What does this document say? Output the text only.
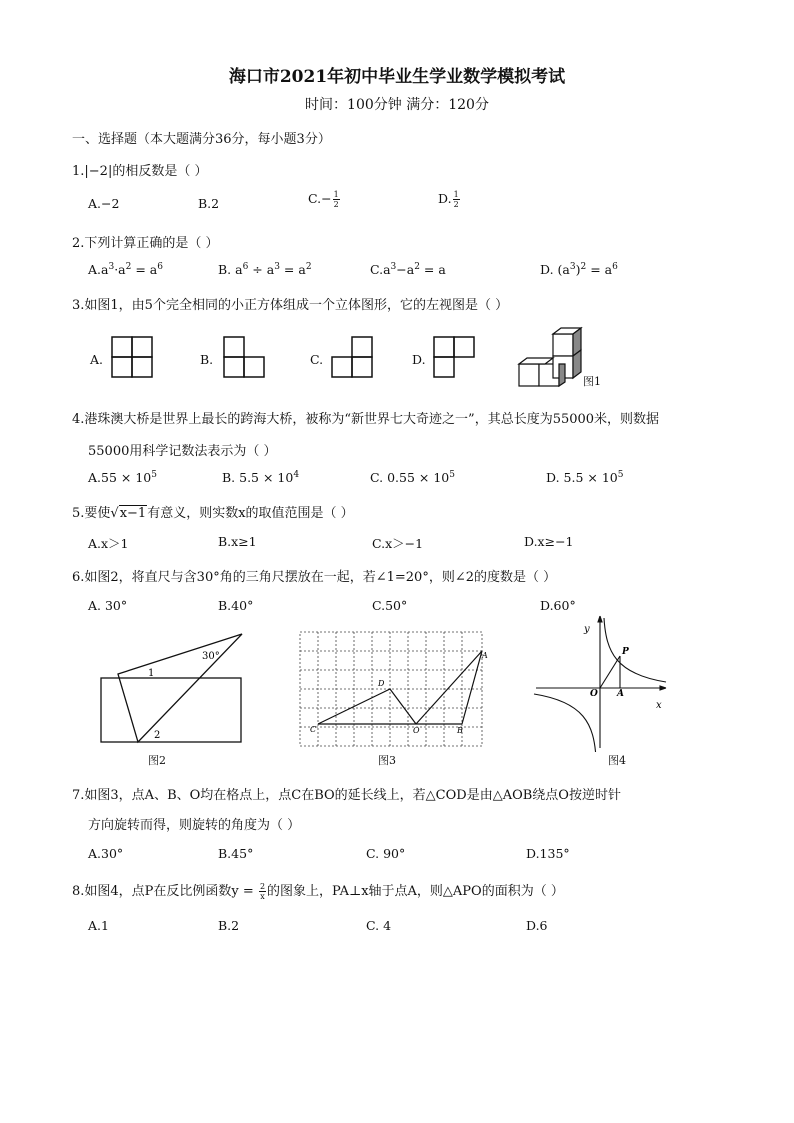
海口市2021年初中毕业生学业数学模拟考试
时间：100分钟 满分：120分
一、选择题（本大题满分36分，每小题3分）
1.|−2|的相反数是（ ）
A.−2	B.2	$C.- \frac{1}{2}$	D. $\frac{1}{2}$
2.下列计算正确的是（ ）
$A.a^3\cdot a^2 = a^6$	B. $a^6 \div a^3 = a^2$	$C.a^3-a^2 = a$	D. $(a^3)^2 = a^6$
3.如图1，由5个完全相同的小正方体组成一个立体图形，它的左视图是（ ）
A.	B.	C.	D.
图1
4.港珠澳大桥是世界上最长的跨海大桥，被称为“新世界七大奇迹之一”，其总长度为55000米，则数据
55000用科学记数法表示为（ ）
$A.55 \times 10^5$	B. $5.5 \times 10^4$	C. $0.55 \times 10^5$	D. $5.5 \times 10^5$
5.要使√x−1有意义，则实数x的取值范围是（ ）
A.x＞1	B.x≥1	C.x＞−1	D.x≥−1
6.如图2，将直尺与含30°角的三角尺摆放在一起，若∠1=20°，则∠2的度数是（ ）
A. 30°	B.40°	C.50°	D.60°
30°
1
2
图2
C
D
O	B
A
图3
y
x
O A
P
图4
7.如图3，点A、B、O均在格点上，点C在BO的延长线上，若△COD是由△AOB绕点O按逆时针
方向旋转而得，则旋转的角度为（ ）
A.30°	B.45°	C. 90°	D.135°
8.如图4，点P在反比例函数$y = \frac{2}{x}$ 的图象上，PA⊥x轴于点A，则△APO的面积为（ ）
A.1	B.2	C. 4	D.6
